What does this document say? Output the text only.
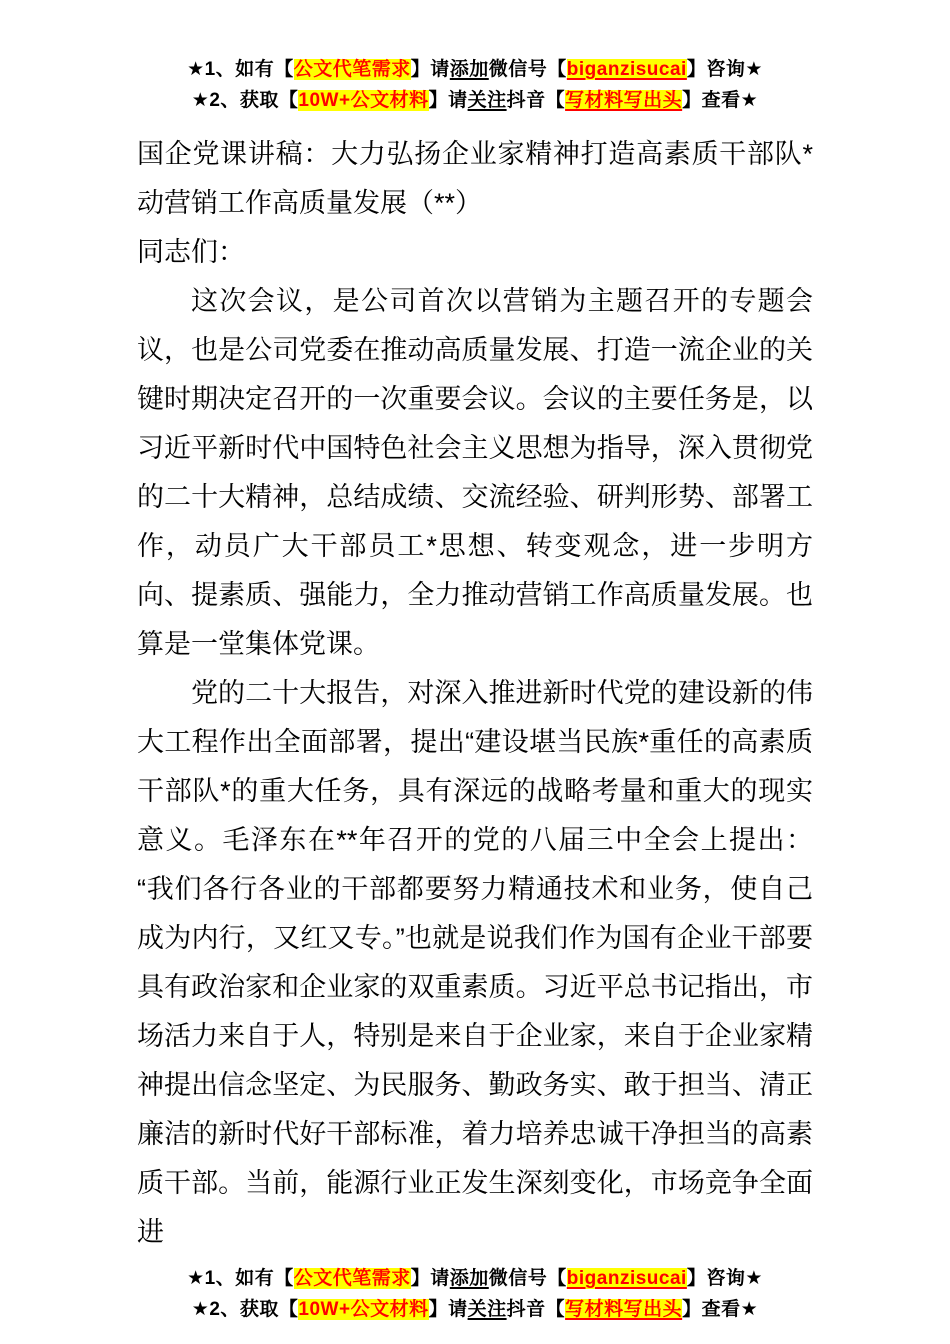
★1、如有【公文代笔需求】请添加微信号【biganzisucai】咨询★
★2、获取【10W+公文材料】请关注抖音【写材料写出头】查看★
国企党课讲稿：大力弘扬企业家精神打造高素质干部队*动营销工作高质量发展（**）

同志们：

这次会议，是公司首次以营销为主题召开的专题会议，也是公司党委在推动高质量发展、打造一流企业的关键时期决定召开的一次重要会议。会议的主要任务是，以习近平新时代中国特色社会主义思想为指导，深入贯彻党的二十大精神，总结成绩、交流经验、研判形势、部署工作，动员广大干部员工*思想、转变观念，进一步明方向、提素质、强能力，全力推动营销工作高质量发展。也算是一堂集体党课。

党的二十大报告，对深入推进新时代党的建设新的伟大工程作出全面部署，提出“建设堪当民族*重任的高素质干部队*的重大任务，具有深远的战略考量和重大的现实意义。毛泽东在**年召开的党的八届三中全会上提出：“我们各行各业的干部都要努力精通技术和业务，使自己成为内行，又红又专。”也就是说我们作为国有企业干部要具有政治家和企业家的双重素质。习近平总书记指出，市场活力来自于人，特别是来自于企业家，来自于企业家精神提出信念坚定、为民服务、勤政务实、敢于担当、清正廉洁的新时代好干部标准，着力培养忠诚干净担当的高素质干部。当前，能源行业正发生深刻变化，市场竞争全面进

★1、如有【公文代笔需求】请添加微信号【biganzisucai】咨询★
★2、获取【10W+公文材料】请关注抖音【写材料写出头】查看★
